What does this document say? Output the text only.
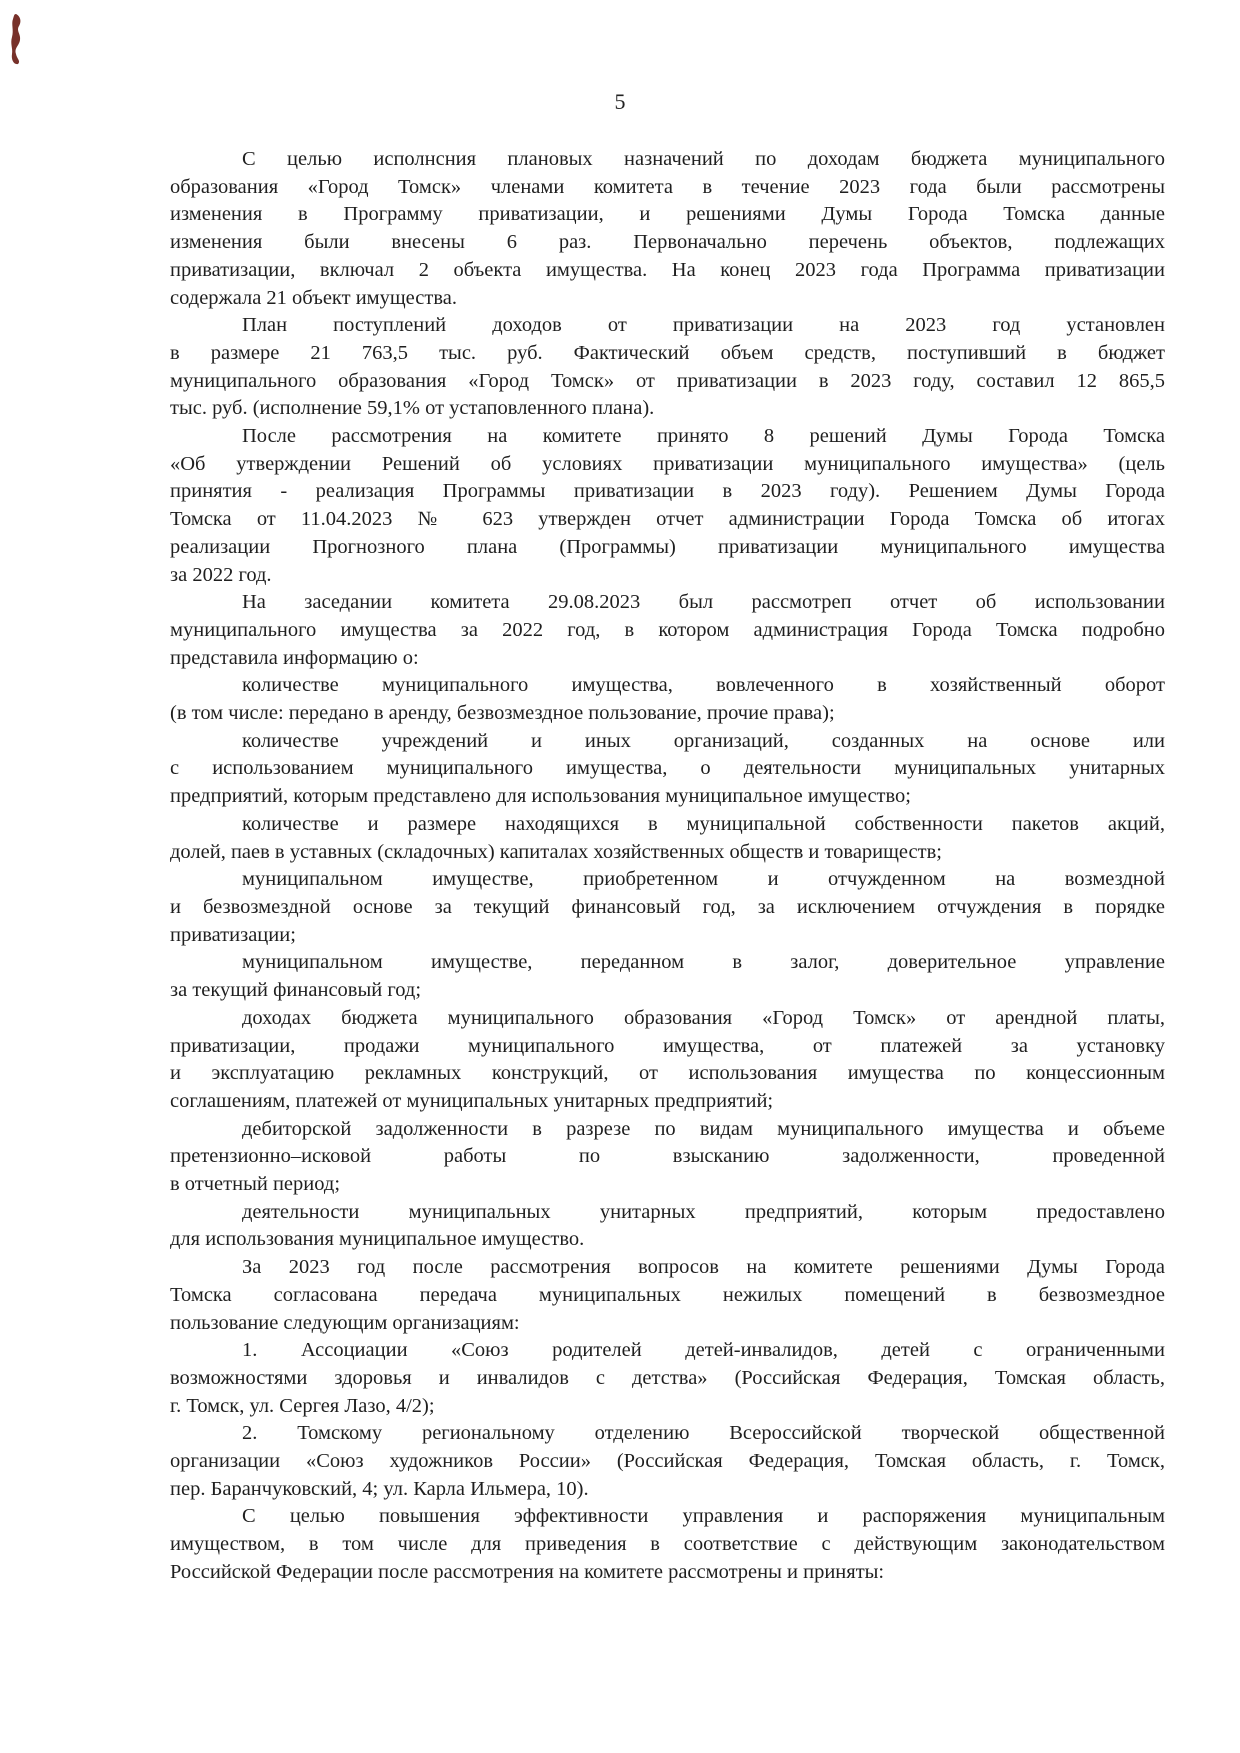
5
С целью исполнсния плановых назначений по доходам бюджета муниципального
образования «Город Томск» членами комитета в течение 2023 года были рассмотрены
изменения в Программу приватизации, и решениями Думы Города Томска данные
изменения были внесены 6 раз. Первоначально перечень объектов, подлежащих
приватизации, включал 2 объекта имущества. На конец 2023 года Программа приватизации
содержала 21 объект имущества.
План поступлений доходов от приватизации на 2023 год установлен
в размере 21 763,5 тыс. руб. Фактический объем средств, поступивший в бюджет
муниципального образования «Город Томск» от приватизации в 2023 году, составил 12 865,5
тыс. руб. (исполнение 59,1% от устаповленного плана).
После рассмотрения на комитете принято 8 решений Думы Города Томска
«Об утверждении Решений об условиях приватизации муниципального имущества» (цель
принятия - реализация Программы приватизации в 2023 году). Решением Думы Города
Томска от 11.04.2023 № 623 утвержден отчет администрации Города Томска об итогах
реализации Прогнозного плана (Программы) приватизации муниципального имущества
за 2022 год.
На заседании комитета 29.08.2023 был рассмотреп отчет об использовании
муниципального имущества за 2022 год, в котором администрация Города Томска подробно
представила информацию о:
количестве муниципального имущества, вовлеченного в хозяйственный оборот
(в том числе: передано в аренду, безвозмездное пользование, прочие права);
количестве учреждений и иных организаций, созданных на основе или
с использованием муниципального имущества, о деятельности муниципальных унитарных
предприятий, которым представлено для использования муниципальное имущество;
количестве и размере находящихся в муниципальной собственности пакетов акций,
долей, паев в уставных (складочных) капиталах хозяйственных обществ и товариществ;
муниципальном имуществе, приобретенном и отчужденном на возмездной
и безвозмездной основе за текущий финансовый год, за исключением отчуждения в порядке
приватизации;
муниципальном имуществе, переданном в залог, доверительное управление
за текущий финансовый год;
доходах бюджета муниципального образования «Город Томск» от арендной платы,
приватизации, продажи муниципального имущества, от платежей за установку
и эксплуатацию рекламных конструкций, от использования имущества по концессионным
соглашениям, платежей от муниципальных унитарных предприятий;
дебиторской задолженности в разрезе по видам муниципального имущества и объеме
претензионно–исковой работы по взысканию задолженности, проведенной
в отчетный период;
деятельности муниципальных унитарных предприятий, которым предоставлено
для использования муниципальное имущество.
За 2023 год после рассмотрения вопросов на комитете решениями Думы Города
Томска согласована передача муниципальных нежилых помещений в безвозмездное
пользование следующим организациям:
1. Ассоциации «Союз родителей детей-инвалидов, детей с ограниченными
возможностями здоровья и инвалидов с детства» (Российская Федерация, Томская область,
г. Томск, ул. Сергея Лазо, 4/2);
2. Томскому региональному отделению Всероссийской творческой общественной
организации «Союз художников России» (Российская Федерация, Томская область, г. Томск,
пер. Баранчуковский, 4; ул. Карла Ильмера, 10).
С целью повышения эффективности управления и распоряжения муниципальным
имуществом, в том числе для приведения в соответствие с действующим законодательством
Российской Федерации после рассмотрения на комитете рассмотрены и приняты:
